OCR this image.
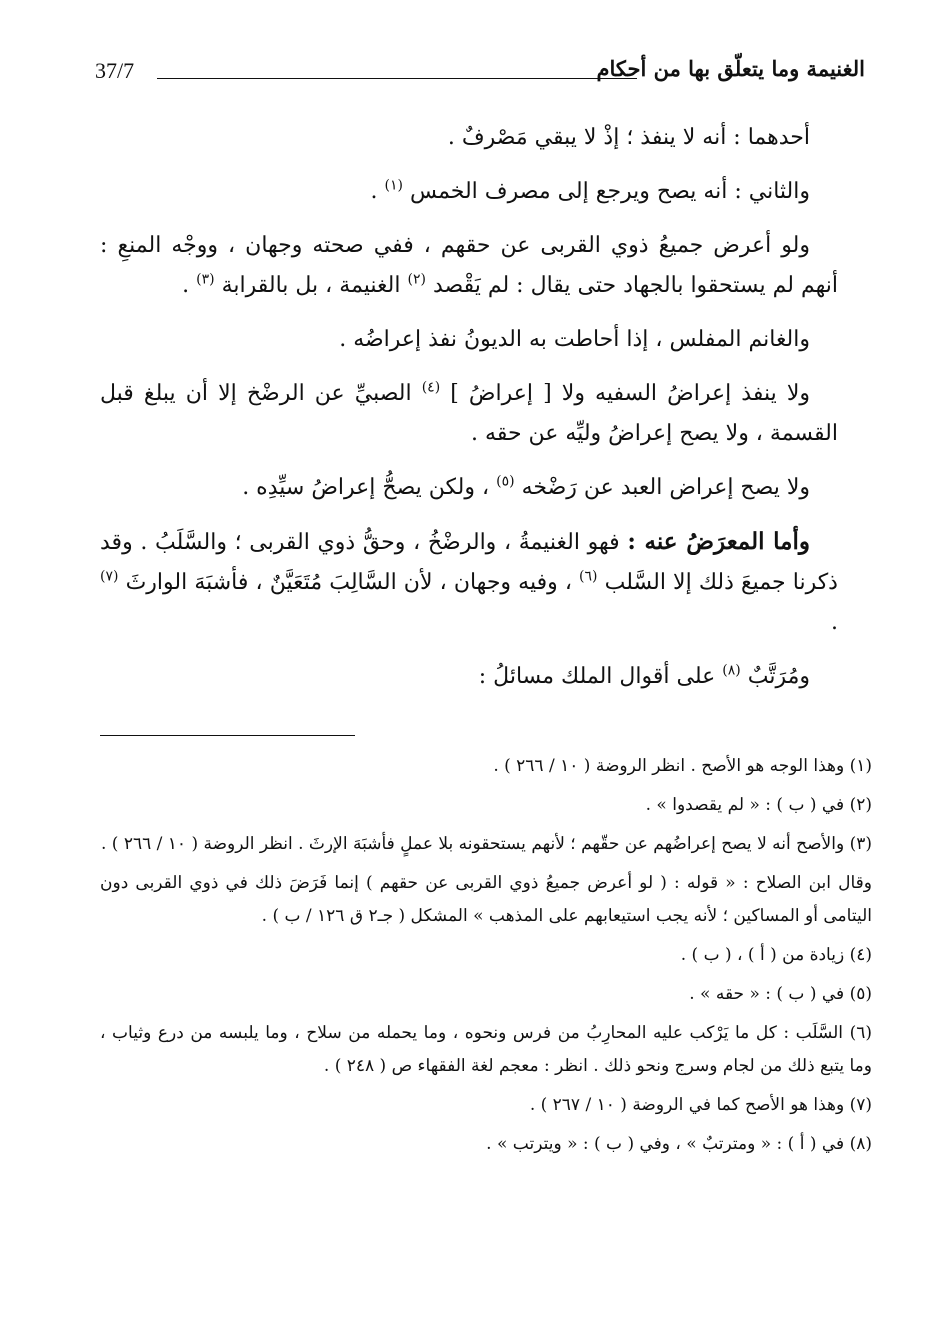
الغنيمة وما يتعلّق بها من أحكام
37/7

أحدهما : أنه لا ينفذ ؛ إذْ لا يبقي مَصْرفٌ .

والثاني : أنه يصح ويرجع إلى مصرف الخمس $^{(١)}$ .

ولو أعرض جميعُ ذوي القربى عن حقهم ، ففي صحته وجهان ، ووجْه المنعِ : أنهم لم يستحقوا بالجهاد حتى يقال : لم يَقْصد $^{(٢)}$ الغنيمة ، بل بالقرابة $^{(٣)}$ .

والغانم المفلس ، إذا أحاطت به الديونُ نفذ إعراضُه .

ولا ينفذ إعراضُ السفيه ولا [ إعراضُ ] $^{(٤)}$ الصبيِّ عن الرضْخ إلا أن يبلغ قبل القسمة ، ولا يصح إعراضُ وليِّه عن حقه .

ولا يصح إعراض العبد عن رَضْخه $^{(٥)}$ ، ولكن يصحُّ إعراضُ سيِّدِه .

وأما المعرَضُ عنه : فهو الغنيمةُ ، والرضْخُ ، وحقُّ ذوي القربى ؛ والسَّلَبُ . وقد ذكرنا جميعَ ذلك إلا السَّلب $^{(٦)}$ ، وفيه وجهان ، لأن السَّالِبَ مُتَعَيَّنٌ ، فأشبَهَ الوارثَ $^{(٧)}$ .

ومُرَتَّبٌ $^{(٨)}$ على أقوال الملك مسائلُ :

(١) وهذا الوجه هو الأصح . انظر الروضة ( ١٠ / ٢٦٦ ) .

(٢) في ( ب ) : « لم يقصدوا » .

(٣) والأصح أنه لا يصح إعراضُهم عن حقّهم ؛ لأنهم يستحقونه بلا عملٍ فأشبَهَ الإرثَ . انظر الروضة ( ١٠ / ٢٦٦ ) .

وقال ابن الصلاح : « قوله : ( لو أعرض جميعُ ذوي القربى عن حقهم ) إنما فَرَضَ ذلك في ذوي القربى دون اليتامى أو المساكين ؛ لأنه يجب استيعابهم على المذهب » المشكل ( جـ٢ ق ١٢٦ / ب ) .

(٤) زيادة من ( أ ) ، ( ب ) .

(٥) في ( ب ) : « حقه » .

(٦) السَّلَب : كل ما يَرْكب عليه المحارِبُ من فرس ونحوه ، وما يحمله من سلاح ، وما يلبسه من درع وثياب ، وما يتبع ذلك من لجام وسرج ونحو ذلك . انظر : معجم لغة الفقهاء ص ( ٢٤٨ ) .

(٧) وهذا هو الأصح كما في الروضة ( ١٠ / ٢٦٧ ) .

(٨) في ( أ ) : « ومترتبٌ » ، وفي ( ب ) : « ويترتب » .
